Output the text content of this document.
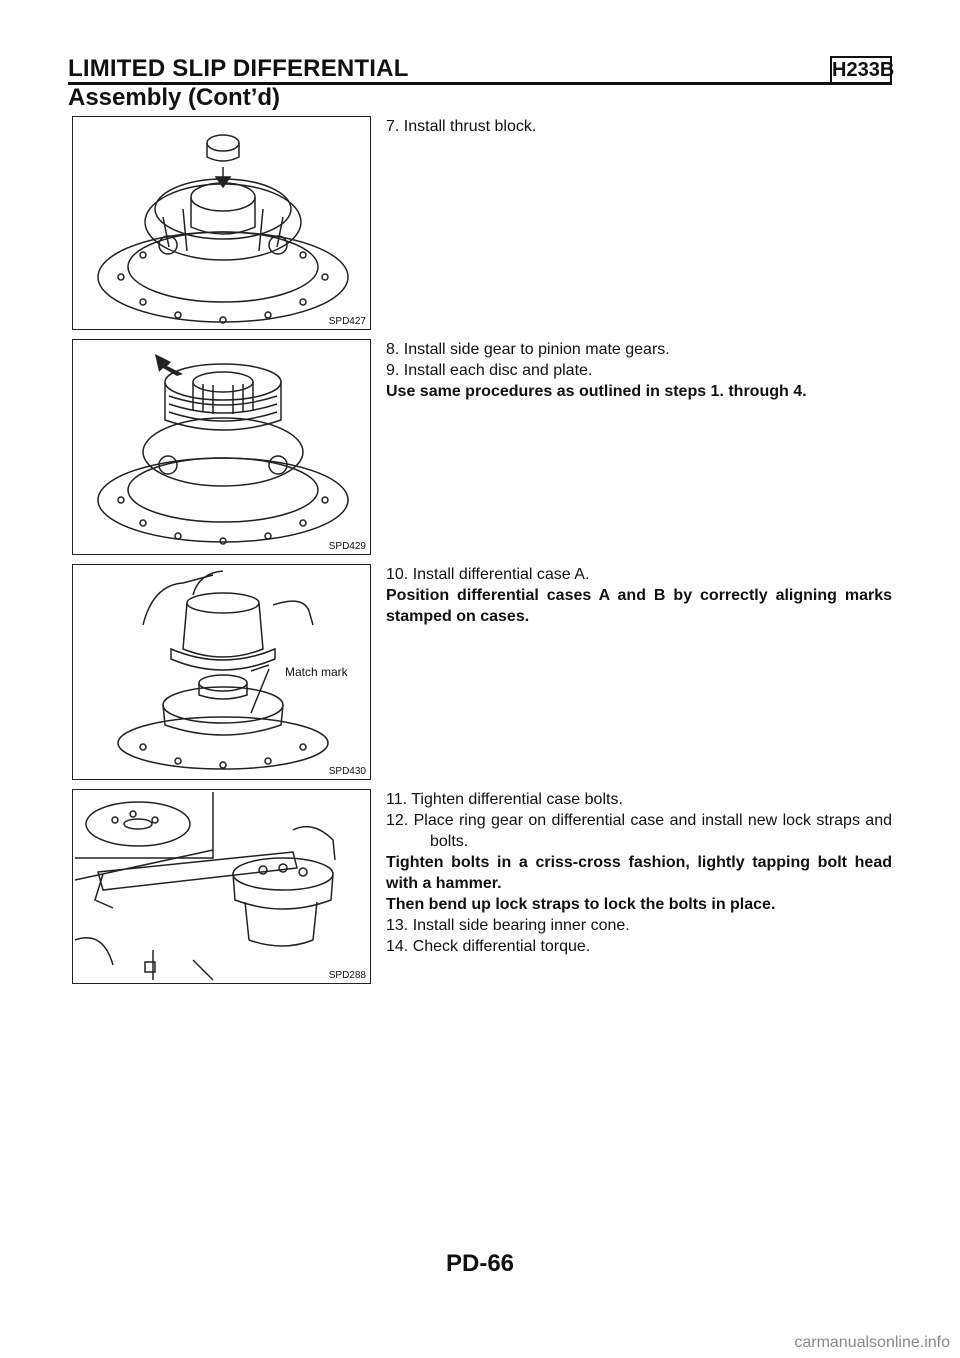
LIMITED SLIP DIFFERENTIAL	H233B
Assembly (Cont’d)
SPD427
SPD429
Match mark
SPD430
SPD288

7. Install thrust block.

8. Install side gear to pinion mate gears.

9. Install each disc and plate.

Use same procedures as outlined in steps 1. through 4.

10. Install differential case A.

Position differential cases A and B by correctly aligning marks stamped on cases.

11. Tighten differential case bolts.

12. Place ring gear on differential case and install new lock straps and bolts.

Tighten bolts in a criss-cross fashion, lightly tapping bolt head with a hammer.

Then bend up lock straps to lock the bolts in place.

13. Install side bearing inner cone.

14. Check differential torque.

PD-66
carmanualsonline.info
